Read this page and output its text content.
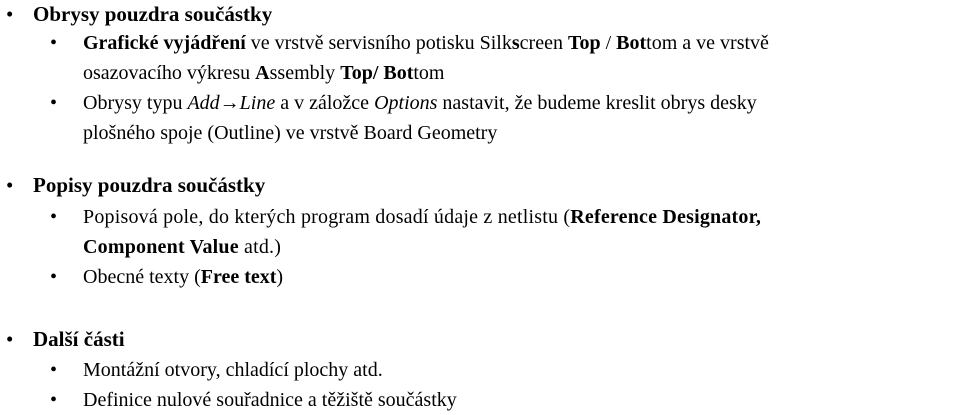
• Obrysy pouzdra součástky
• Grafické vyjádření ve vrstvě servisního potisku Silkscreen Top / Bottom a ve vrstvě
osazovacího výkresu Assembly Top/ Bottom
• Obrysy typu Add→Line a v záložce Options nastavit, že budeme kreslit obrys desky
plošného spoje (Outline) ve vrstvě Board Geometry
• Popisy pouzdra součástky
• Popisová pole, do kterých program dosadí údaje z netlistu (Reference Designator,
Component Value atd.)
• Obecné texty (Free text)
• Další části
• Montážní otvory, chladící plochy atd.
• Definice nulové souřadnice a těžiště součástky
